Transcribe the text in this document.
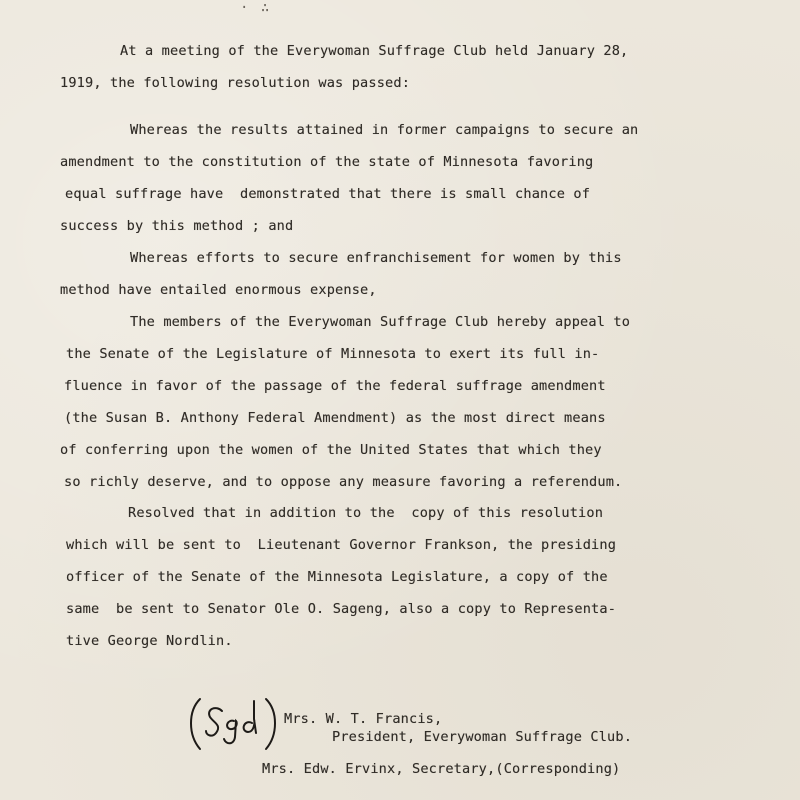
· ∴
At a meeting of the Everywoman Suffrage Club held January 28,
1919, the following resolution was passed:
Whereas the results attained in former campaigns to secure an
amendment to the constitution of the state of Minnesota favoring
equal suffrage have  demonstrated that there is small chance of
success by this method ; and
Whereas efforts to secure enfranchisement for women by this
method have entailed enormous expense,
The members of the Everywoman Suffrage Club hereby appeal to
the Senate of the Legislature of Minnesota to exert its full in-
fluence in favor of the passage of the federal suffrage amendment
(the Susan B. Anthony Federal Amendment) as the most direct means
of conferring upon the women of the United States that which they
so richly deserve, and to oppose any measure favoring a referendum.
Resolved that in addition to the  copy of this resolution
which will be sent to  Lieutenant Governor Frankson, the presiding
officer of the Senate of the Minnesota Legislature, a copy of the
same  be sent to Senator Ole O. Sageng, also a copy to Representa-
tive George Nordlin.
Mrs. W. T. Francis,
President, Everywoman Suffrage Club.
Mrs. Edw. Ervinx, Secretary,(Corresponding)
